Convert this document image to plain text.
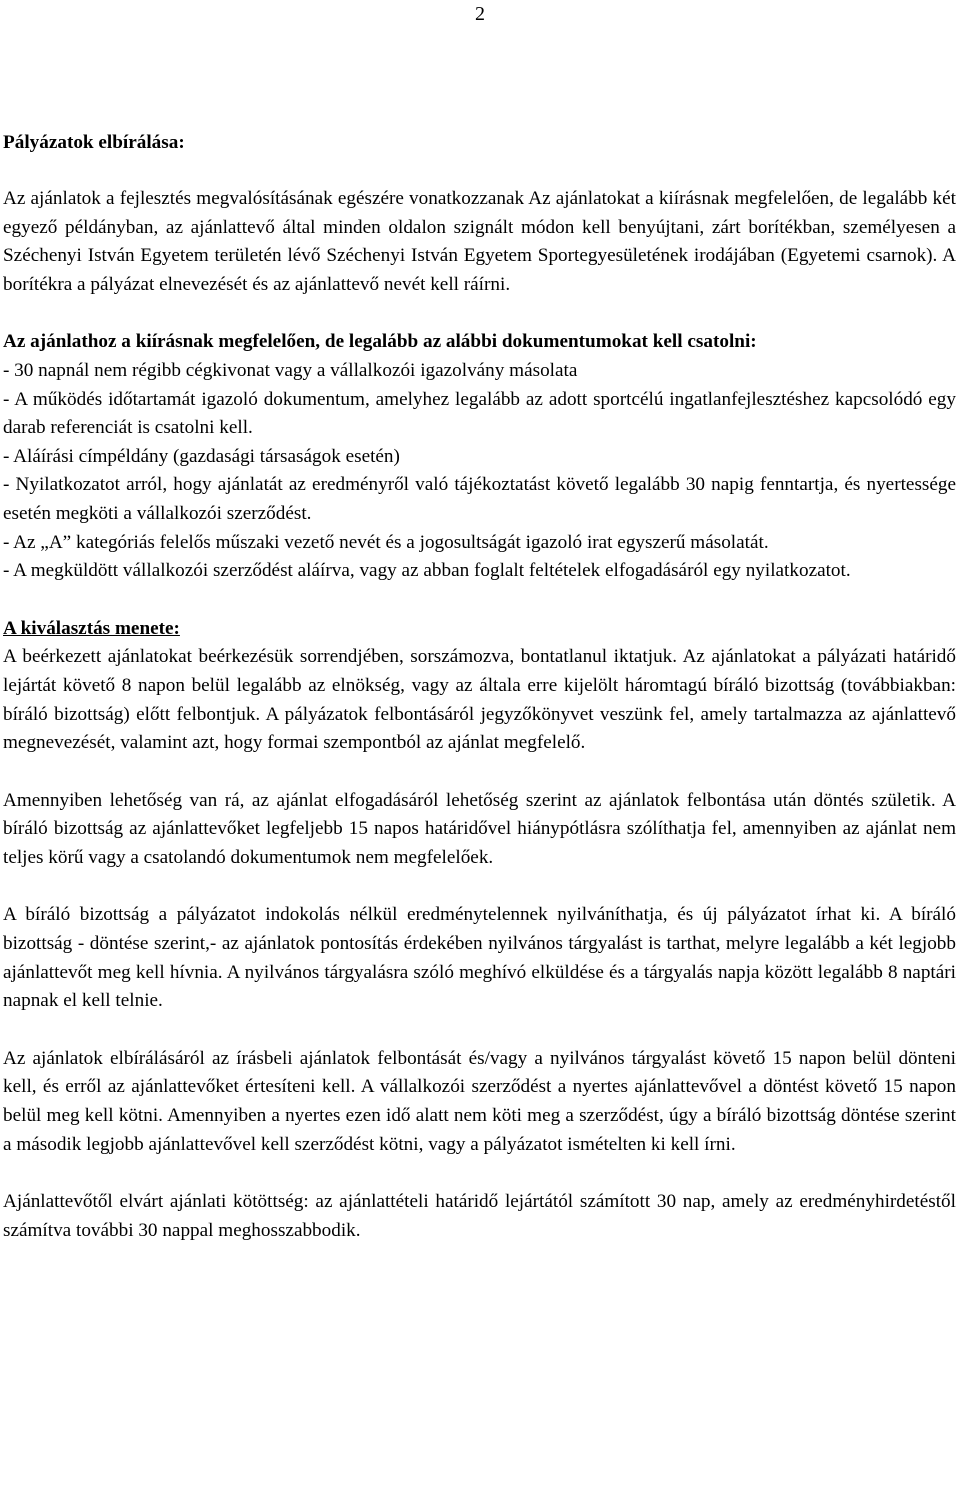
2

Pályázatok elbírálása:

Az ajánlatok a fejlesztés megvalósításának egészére vonatkozzanak Az ajánlatokat a kiírásnak megfelelően, de legalább két egyező példányban, az ajánlattevő által minden oldalon szignált módon kell benyújtani, zárt borítékban, személyesen a Széchenyi István Egyetem területén lévő Széchenyi István Egyetem Sportegyesületének irodájában (Egyetemi csarnok). A borítékra a pályázat elnevezését és az ajánlattevő nevét kell ráírni.

Az ajánlathoz a kiírásnak megfelelően, de legalább az alábbi dokumentumokat kell csatolni:

- 30 napnál nem régibb cégkivonat vagy a vállalkozói igazolvány másolata

- A működés időtartamát igazoló dokumentum, amelyhez legalább az adott sportcélú ingatlanfejlesztéshez kapcsolódó egy darab referenciát is csatolni kell.

- Aláírási címpéldány (gazdasági társaságok esetén)

- Nyilatkozatot arról, hogy ajánlatát az eredményről való tájékoztatást követő legalább 30 napig fenntartja, és nyertessége esetén megköti a vállalkozói szerződést.

- Az „A” kategóriás felelős műszaki vezető nevét és a jogosultságát igazoló irat egyszerű másolatát.

- A megküldött vállalkozói szerződést aláírva, vagy az abban foglalt feltételek elfogadásáról egy nyilatkozatot.

A kiválasztás menete:

A beérkezett ajánlatokat beérkezésük sorrendjében, sorszámozva, bontatlanul iktatjuk. Az ajánlatokat a pályázati határidő lejártát követő 8 napon belül legalább az elnökség, vagy az általa erre kijelölt háromtagú bíráló bizottság (továbbiakban: bíráló bizottság) előtt felbontjuk. A pályázatok felbontásáról jegyzőkönyvet veszünk fel, amely tartalmazza az ajánlattevő megnevezését, valamint azt, hogy formai szempontból az ajánlat megfelelő.

Amennyiben lehetőség van rá, az ajánlat elfogadásáról lehetőség szerint az ajánlatok felbontása után döntés születik. A bíráló bizottság az ajánlattevőket legfeljebb 15 napos határidővel hiánypótlásra szólíthatja fel, amennyiben az ajánlat nem teljes körű vagy a csatolandó dokumentumok nem megfelelőek.

A bíráló bizottság a pályázatot indokolás nélkül eredménytelennek nyilváníthatja, és új pályázatot írhat ki. A bíráló bizottság - döntése szerint,- az ajánlatok pontosítás érdekében nyilvános tárgyalást is tarthat, melyre legalább a két legjobb ajánlattevőt meg kell hívnia. A nyilvános tárgyalásra szóló meghívó elküldése és a tárgyalás napja között legalább 8 naptári napnak el kell telnie.

Az ajánlatok elbírálásáról az írásbeli ajánlatok felbontását és/vagy a nyilvános tárgyalást követő 15 napon belül dönteni kell, és erről az ajánlattevőket értesíteni kell. A vállalkozói szerződést a nyertes ajánlattevővel a döntést követő 15 napon belül meg kell kötni. Amennyiben a nyertes ezen idő alatt nem köti meg a szerződést, úgy a bíráló bizottság döntése szerint a második legjobb ajánlattevővel kell szerződést kötni, vagy a pályázatot ismételten ki kell írni.

Ajánlattevőtől elvárt ajánlati kötöttség: az ajánlattételi határidő lejártától számított 30 nap, amely az eredményhirdetéstől számítva további 30 nappal meghosszabbodik.
